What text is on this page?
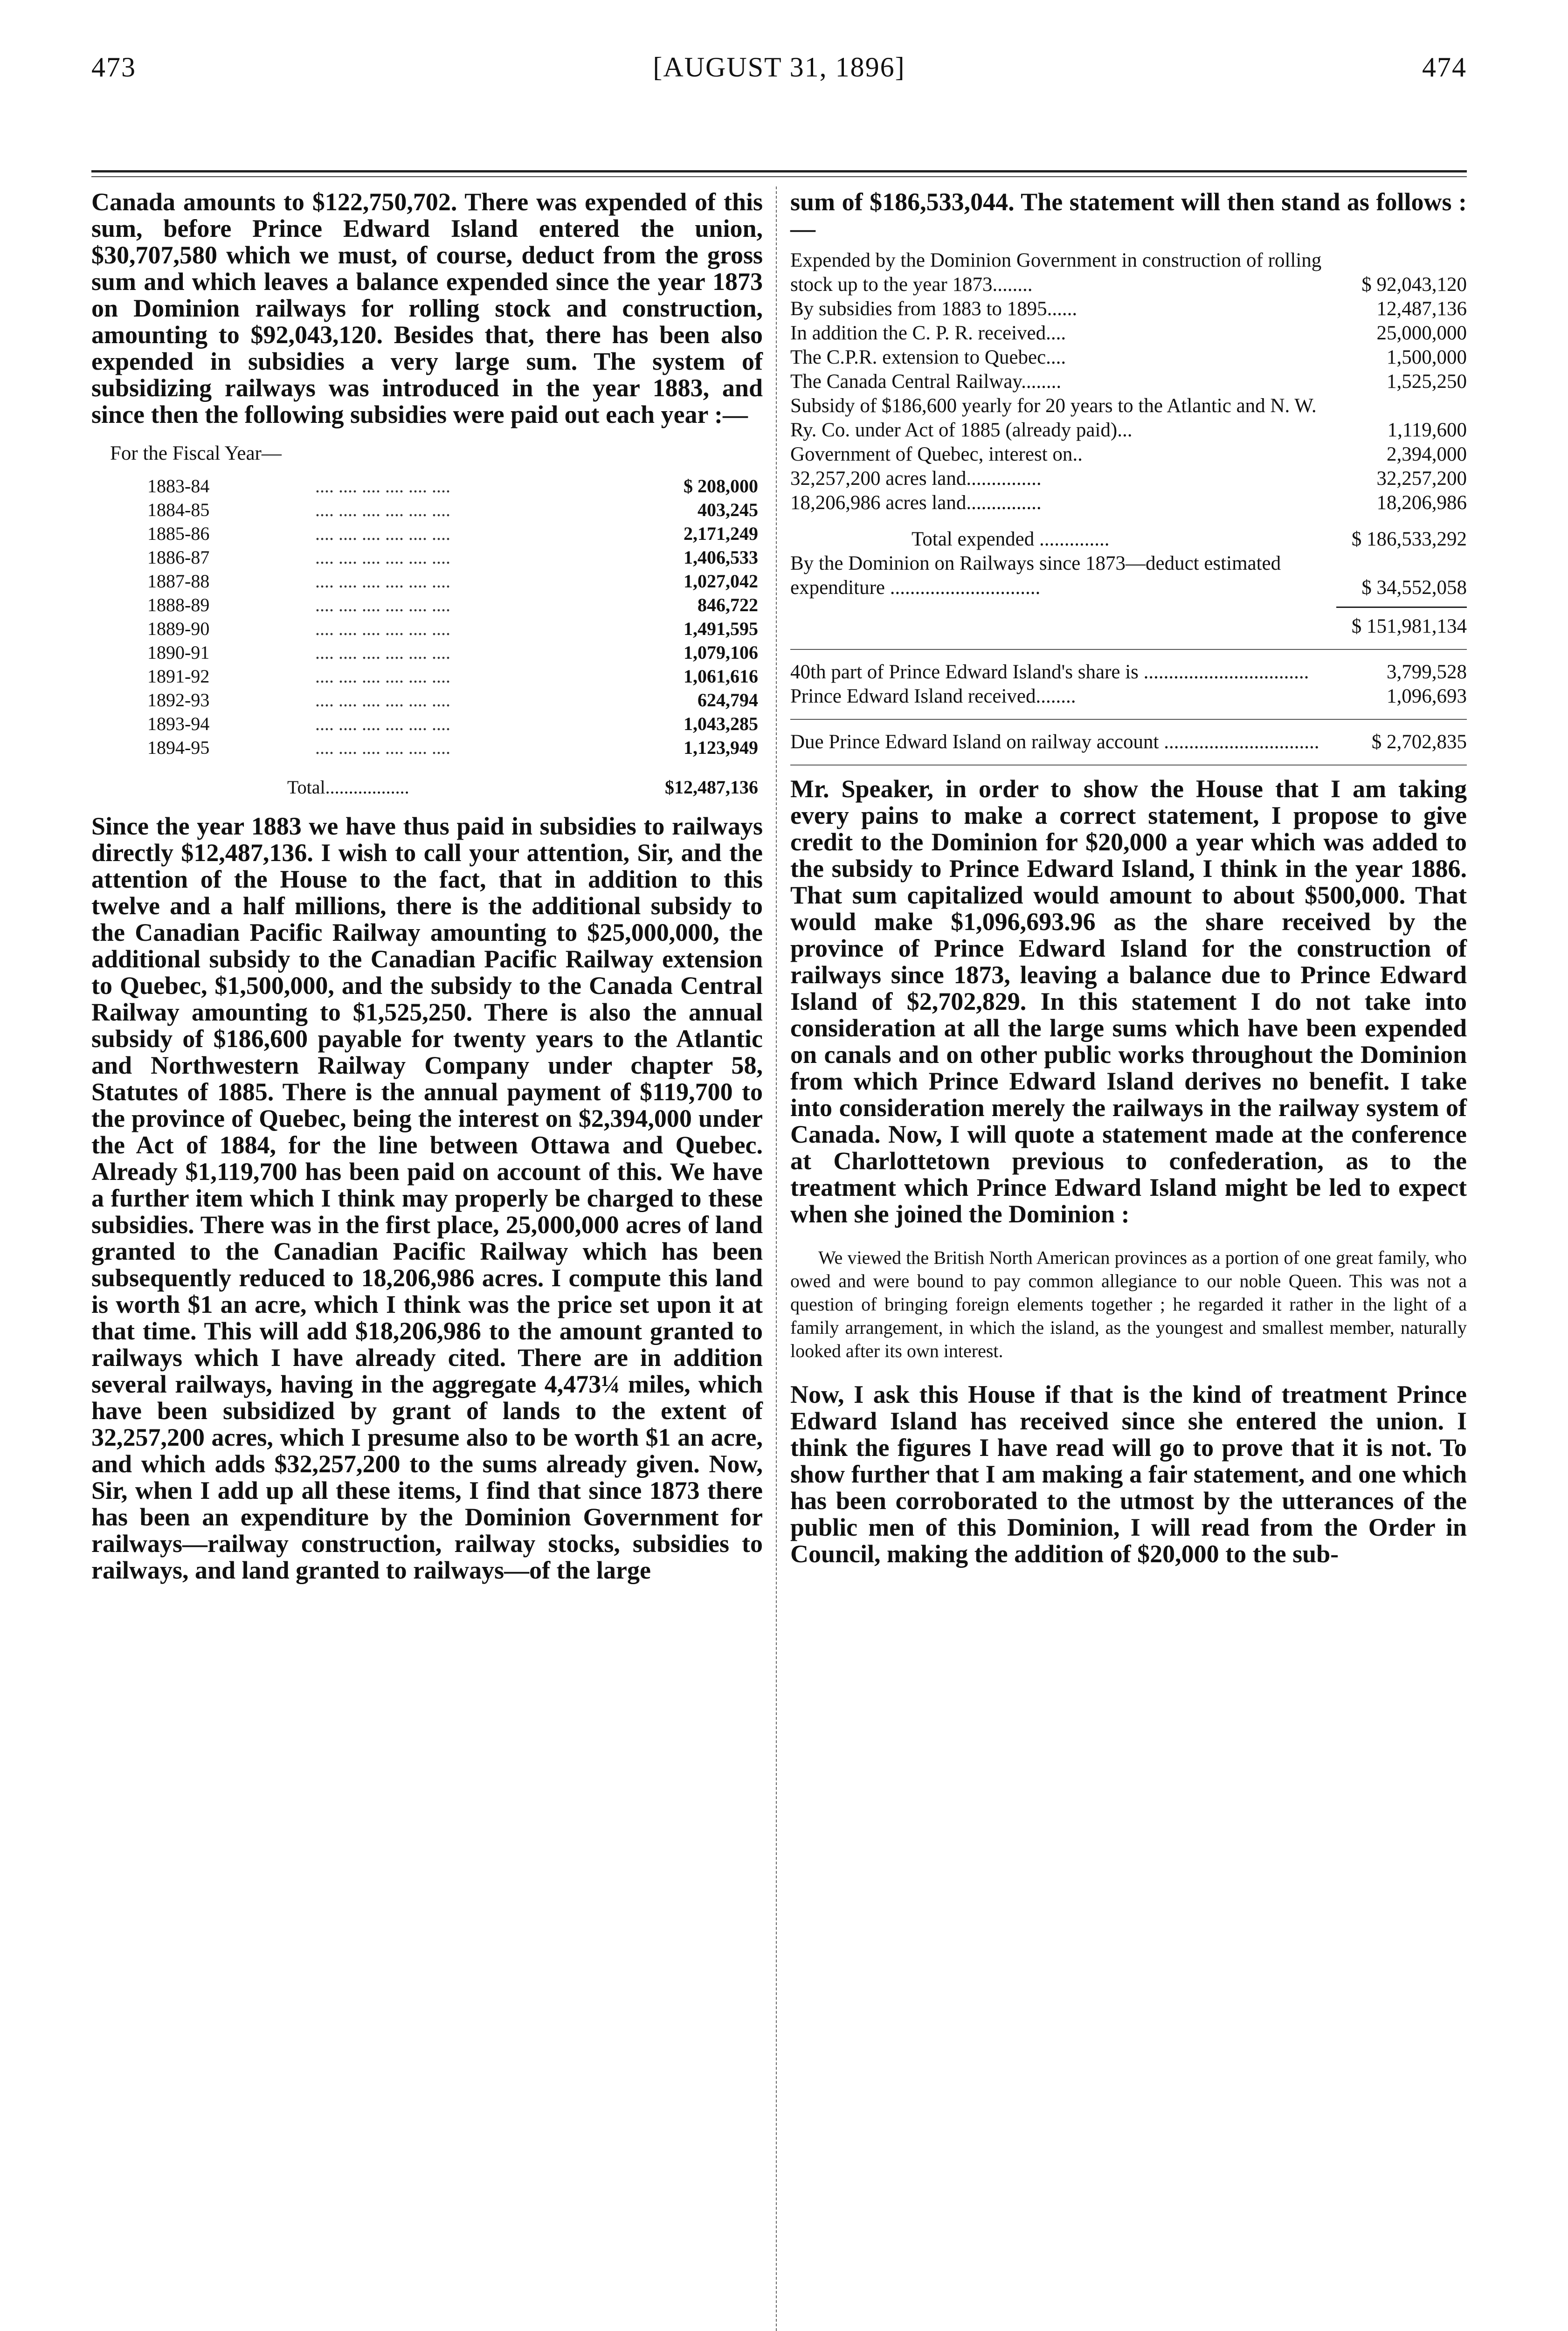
473	[AUGUST 31, 1896]	474

Canada amounts to $122,750,702. There was expended of this sum, before Prince Edward Island entered the union, $30,707,580 which we must, of course, deduct from the gross sum and which leaves a balance expended since the year 1873 on Dominion railways for rolling stock and construction, amounting to $92,043,120. Besides that, there has been also expended in subsidies a very large sum. The system of subsidizing railways was introduced in the year 1883, and since then the following subsidies were paid out each year :—

For the Fiscal Year—
1883-84	.... .... .... .... .... ....	$ 208,000
1884-85	.... .... .... .... .... ....	403,245
1885-86	.... .... .... .... .... ....	2,171,249
1886-87	.... .... .... .... .... ....	1,406,533
1887-88	.... .... .... .... .... ....	1,027,042
1888-89	.... .... .... .... .... ....	846,722
1889-90	.... .... .... .... .... ....	1,491,595
1890-91	.... .... .... .... .... ....	1,079,106
1891-92	.... .... .... .... .... ....	1,061,616
1892-93	.... .... .... .... .... ....	624,794
1893-94	.... .... .... .... .... ....	1,043,285
1894-95	.... .... .... .... .... ....	1,123,949
Total..................		$12,487,136

Since the year 1883 we have thus paid in subsidies to railways directly $12,487,136. I wish to call your attention, Sir, and the attention of the House to the fact, that in addition to this twelve and a half millions, there is the additional subsidy to the Canadian Pacific Railway amounting to $25,000,000, the additional subsidy to the Canadian Pacific Railway extension to Quebec, $1,500,000, and the subsidy to the Canada Central Railway amounting to $1,525,250. There is also the annual subsidy of $186,600 payable for twenty years to the Atlantic and Northwestern Railway Company under chapter 58, Statutes of 1885. There is the annual payment of $119,700 to the province of Quebec, being the interest on $2,394,000 under the Act of 1884, for the line between Ottawa and Quebec. Already $1,119,700 has been paid on account of this. We have a further item which I think may properly be charged to these subsidies. There was in the first place, 25,000,000 acres of land granted to the Canadian Pacific Railway which has been subsequently reduced to 18,206,986 acres. I compute this land is worth $1 an acre, which I think was the price set upon it at that time. This will add $18,206,986 to the amount granted to railways which I have already cited. There are in addition several railways, having in the aggregate 4,473¼ miles, which have been subsidized by grant of lands to the extent of 32,257,200 acres, which I presume also to be worth $1 an acre, and which adds $32,257,200 to the sums already given. Now, Sir, when I add up all these items, I find that since 1873 there has been an expenditure by the Dominion Government for railways—railway construction, railway stocks, subsidies to railways, and land granted to railways—of the large

sum of $186,533,044. The statement will then stand as follows :—

Expended by the Dominion Government in construction of rolling stock up to the year 1873........	$ 92,043,120
By subsidies from 1883 to 1895......	12,487,136
In addition the C. P. R. received....	25,000,000
The C.P.R. extension to Quebec....	1,500,000
The Canada Central Railway........	1,525,250
Subsidy of $186,600 yearly for 20 years to the Atlantic and N. W. Ry. Co. under Act of 1885 (already paid)...	1,119,600
Government of Quebec, interest on..	2,394,000
32,257,200 acres land...............	32,257,200
18,206,986 acres land...............	18,206,986
Total expended ..............	$ 186,533,292
By the Dominion on Railways since 1873—deduct estimated expenditure ..............................	$ 34,552,058
$ 151,981,134
40th part of Prince Edward Island's share is .................................	3,799,528
Prince Edward Island received........	1,096,693
Due Prince Edward Island on railway account ...............................	$ 2,702,835

Mr. Speaker, in order to show the House that I am taking every pains to make a correct statement, I propose to give credit to the Dominion for $20,000 a year which was added to the subsidy to Prince Edward Island, I think in the year 1886. That sum capitalized would amount to about $500,000. That would make $1,096,693.96 as the share received by the province of Prince Edward Island for the construction of railways since 1873, leaving a balance due to Prince Edward Island of $2,702,829. In this statement I do not take into consideration at all the large sums which have been expended on canals and on other public works throughout the Dominion from which Prince Edward Island derives no benefit. I take into consideration merely the railways in the railway system of Canada. Now, I will quote a statement made at the conference at Charlottetown previous to confederation, as to the treatment which Prince Edward Island might be led to expect when she joined the Dominion :

We viewed the British North American provinces as a portion of one great family, who owed and were bound to pay common allegiance to our noble Queen. This was not a question of bringing foreign elements together ; he regarded it rather in the light of a family arrangement, in which the island, as the youngest and smallest member, naturally looked after its own interest.

Now, I ask this House if that is the kind of treatment Prince Edward Island has received since she entered the union. I think the figures I have read will go to prove that it is not. To show further that I am making a fair statement, and one which has been corroborated to the utmost by the utterances of the public men of this Dominion, I will read from the Order in Council, making the addition of $20,000 to the sub-
